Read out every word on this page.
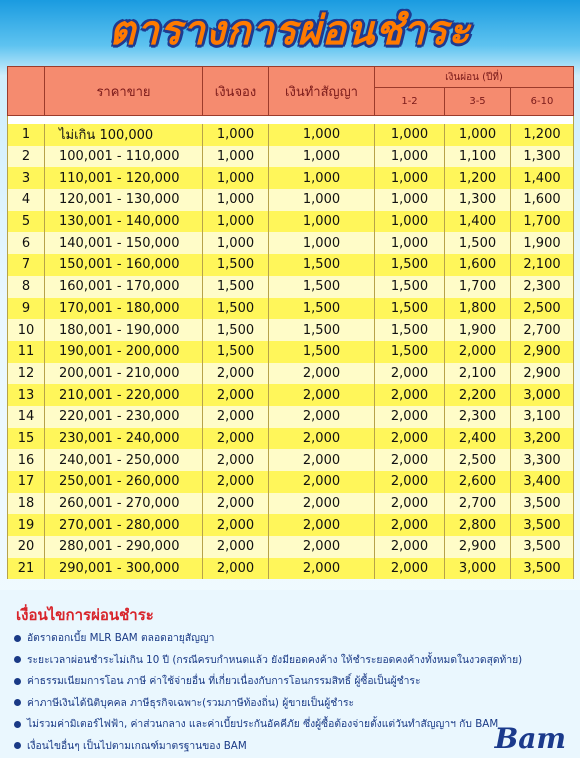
ตารางการผ่อนชำระ
	ราคาขาย	เงินจอง	เงินทำสัญญา	เงินผ่อน (ปีที่)		
				1-2	3-5	6-10

1	ไม่เกิน 100,000	1,000	1,000	1,000	1,000	1,200
2	100,001 - 110,000	1,000	1,000	1,000	1,100	1,300
3	110,001 - 120,000	1,000	1,000	1,000	1,200	1,400
4	120,001 - 130,000	1,000	1,000	1,000	1,300	1,600
5	130,001 - 140,000	1,000	1,000	1,000	1,400	1,700
6	140,001 - 150,000	1,000	1,000	1,000	1,500	1,900
7	150,001 - 160,000	1,500	1,500	1,500	1,600	2,100
8	160,001 - 170,000	1,500	1,500	1,500	1,700	2,300
9	170,001 - 180,000	1,500	1,500	1,500	1,800	2,500
10	180,001 - 190,000	1,500	1,500	1,500	1,900	2,700
11	190,001 - 200,000	1,500	1,500	1,500	2,000	2,900
12	200,001 - 210,000	2,000	2,000	2,000	2,100	2,900
13	210,001 - 220,000	2,000	2,000	2,000	2,200	3,000
14	220,001 - 230,000	2,000	2,000	2,000	2,300	3,100
15	230,001 - 240,000	2,000	2,000	2,000	2,400	3,200
16	240,001 - 250,000	2,000	2,000	2,000	2,500	3,300
17	250,001 - 260,000	2,000	2,000	2,000	2,600	3,400
18	260,001 - 270,000	2,000	2,000	2,000	2,700	3,500
19	270,001 - 280,000	2,000	2,000	2,000	2,800	3,500
20	280,001 - 290,000	2,000	2,000	2,000	2,900	3,500
21	290,001 - 300,000	2,000	2,000	2,000	3,000	3,500
เงื่อนไขการผ่อนชำระ
อัตราดอกเบี้ย MLR BAM ตลอดอายุสัญญา
ระยะเวลาผ่อนชำระไม่เกิน 10 ปี (กรณีครบกำหนดแล้ว ยังมียอดคงค้าง ให้ชำระยอดคงค้างทั้งหมดในงวดสุดท้าย)
ค่าธรรมเนียมการโอน ภาษี ค่าใช้จ่ายอื่น ที่เกี่ยวเนื่องกับการโอนกรรมสิทธิ์ ผู้ซื้อเป็นผู้ชำระ
ค่าภาษีเงินได้นิติบุคคล ภาษีธุรกิจเฉพาะ(รวมภาษีท้องถิ่น) ผู้ขายเป็นผู้ชำระ
ไม่รวมค่ามิเตอร์ไฟฟ้า, ค่าส่วนกลาง และค่าเบี้ยประกันอัคคีภัย ซึ่งผู้ซื้อต้องจ่ายตั้งแต่วันทำสัญญาฯ กับ BAM
เงื่อนไขอื่นๆ เป็นไปตามเกณฑ์มาตรฐานของ BAM	Bam
